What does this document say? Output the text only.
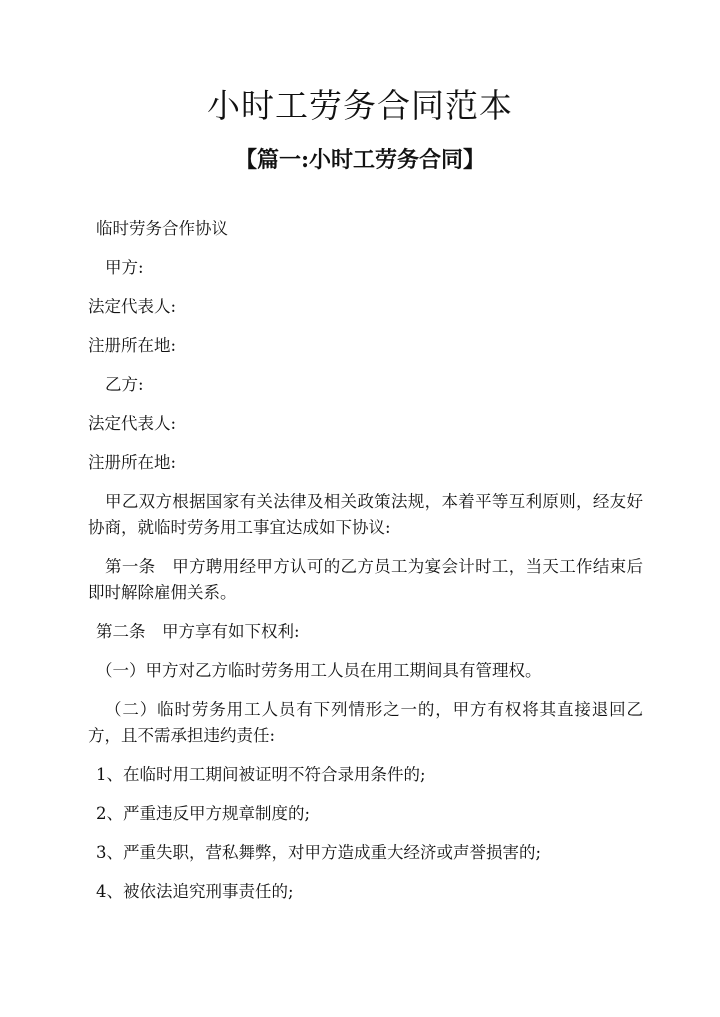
小时工劳务合同范本
【篇一:小时工劳务合同】

临时劳务合作协议

甲方:

法定代表人:

注册所在地:

乙方:

法定代表人:

注册所在地:

甲乙双方根据国家有关法律及相关政策法规，本着平等互利原则，经友好协商，就临时劳务用工事宜达成如下协议:

第一条　甲方聘用经甲方认可的乙方员工为宴会计时工，当天工作结束后即时解除雇佣关系。

第二条　甲方享有如下权利:

（一）甲方对乙方临时劳务用工人员在用工期间具有管理权。

（二）临时劳务用工人员有下列情形之一的，甲方有权将其直接退回乙方，且不需承担违约责任:

1、在临时用工期间被证明不符合录用条件的;

2、严重违反甲方规章制度的;

3、严重失职，营私舞弊，对甲方造成重大经济或声誉损害的;

4、被依法追究刑事责任的;
